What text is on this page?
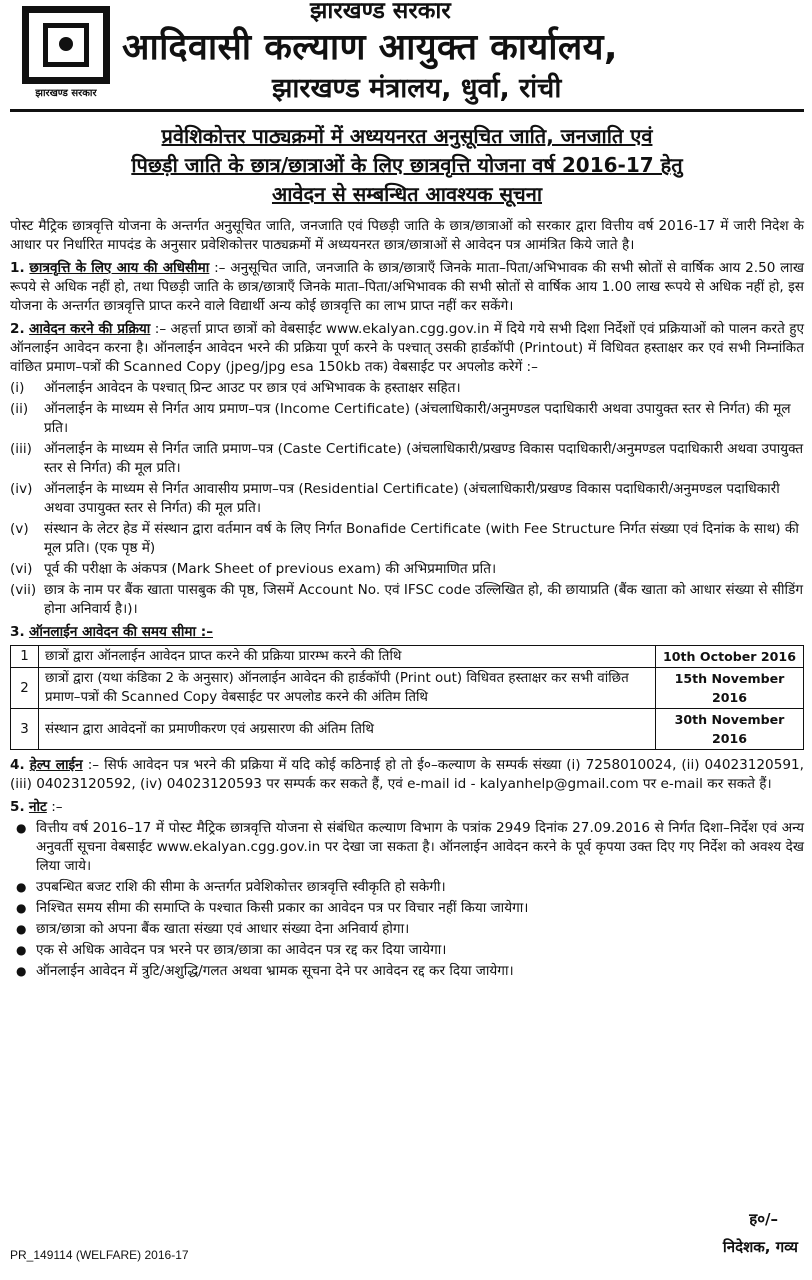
झारखण्ड सरकार
झारखण्ड सरकार
आदिवासी कल्याण आयुक्त कार्यालय,
झारखण्ड मंत्रालय, धुर्वा, रांची
प्रवेशिकोत्तर पाठ्यक्रमों में अध्ययनरत अनुसूचित जाति, जनजाति एवं
पिछड़ी जाति के छात्र/छात्राओं के लिए छात्रवृत्ति योजना वर्ष 2016-17 हेतु
आवेदन से सम्बन्धित आवश्यक सूचना

पोस्ट मैट्रिक छात्रवृत्ति योजना के अन्तर्गत अनुसूचित जाति, जनजाति एवं पिछड़ी जाति के छात्र/छात्राओं को सरकार द्वारा वित्तीय वर्ष 2016-17 में जारी निदेश के आधार पर निर्धारित मापदंड के अनुसार प्रवेशिकोत्तर पाठ्यक्रमों में अध्ययनरत छात्र/छात्राओं से आवेदन पत्र आमंत्रित किये जाते है।

1. छात्रवृत्ति के लिए आय की अधिसीमा :– अनुसूचित जाति, जनजाति के छात्र/छात्राएँ जिनके माता–पिता/अभिभावक की सभी स्रोतों से वार्षिक आय 2.50 लाख रूपये से अधिक नहीं हो, तथा पिछड़ी जाति के छात्र/छात्राएँ जिनके माता–पिता/अभिभावक की सभी स्रोतों से वार्षिक आय 1.00 लाख रूपये से अधिक नहीं हो, इस योजना के अन्तर्गत छात्रवृत्ति प्राप्त करने वाले विद्यार्थी अन्य कोई छात्रवृत्ति का लाभ प्राप्त नहीं कर सकेंगे।
2. आवेदन करने की प्रक्रिया :– अहर्त्ता प्राप्त छात्रों को वेबसाईट www.ekalyan.cgg.gov.in में दिये गये सभी दिशा निर्देशों एवं प्रक्रियाओं को पालन करते हुए ऑनलाईन आवेदन करना है। ऑनलाईन आवेदन भरने की प्रक्रिया पूर्ण करने के पश्चात् उसकी हार्डकॉपी (Printout) में विधिवत हस्ताक्षर कर एवं सभी निम्नांकित वांछित प्रमाण–पत्रों की Scanned Copy (jpeg/jpg esa 150kb तक) वेबसाईट पर अपलोड करेगें :–
(i)	ऑनलाईन आवेदन के पश्चात् प्रिन्ट आउट पर छात्र एवं अभिभावक के हस्ताक्षर सहित।
(ii)	ऑनलाईन के माध्यम से निर्गत आय प्रमाण–पत्र (Income Certificate) (अंचलाधिकारी/अनुमण्डल पदाधिकारी अथवा उपायुक्त स्तर से निर्गत) की मूल प्रति।
(iii) ऑनलाईन के माध्यम से निर्गत जाति प्रमाण–पत्र (Caste Certificate) (अंचलाधिकारी/प्रखण्ड विकास पदाधिकारी/अनुमण्डल पदाधिकारी अथवा उपायुक्त स्तर से निर्गत) की मूल प्रति।
(iv) ऑनलाईन के माध्यम से निर्गत आवासीय प्रमाण–पत्र (Residential Certificate) (अंचलाधिकारी/प्रखण्ड विकास पदाधिकारी/अनुमण्डल पदाधिकारी अथवा उपायुक्त स्तर से निर्गत) की मूल प्रति।
(v)	संस्थान के लेटर हेड में संस्थान द्वारा वर्तमान वर्ष के लिए निर्गत Bonafide Certificate (with Fee Structure निर्गत संख्या एवं दिनांक के साथ) की मूल प्रति। (एक पृष्ठ में)
(vi) पूर्व की परीक्षा के अंकपत्र (Mark Sheet of previous exam) की अभिप्रमाणित प्रति।
(vii) छात्र के नाम पर बैंक खाता पासबुक की पृष्ठ, जिसमें Account No. एवं IFSC code उल्लिखित हो, की छायाप्रति (बैंक खाता को आधार संख्या से सीडिंग होना अनिवार्य है।)।
3. ऑनलाईन आवेदन की समय सीमा :–
1	छात्रों द्वारा ऑनलाईन आवेदन प्राप्त करने की प्रक्रिया प्रारम्भ करने की तिथि	10th October 2016
2	छात्रों द्वारा (यथा कंडिका 2 के अनुसार) ऑनलाईन आवेदन की हार्डकॉपी (Print out) विधिवत हस्ताक्षर कर सभी वांछित प्रमाण–पत्रों की Scanned Copy वेबसाईट पर अपलोड करने की अंतिम तिथि	15th November 2016
3	संस्थान द्वारा आवेदनों का प्रमाणीकरण एवं अग्रसारण की अंतिम तिथि	30th November 2016
4. हेल्प लाईन :– सिर्फ आवेदन पत्र भरने की प्रक्रिया में यदि कोई कठिनाई हो तो ई०–कल्याण के सम्पर्क संख्या (i) 7258010024, (ii) 04023120591, (iii) 04023120592, (iv) 04023120593 पर सम्पर्क कर सकते हैं, एवं e-mail id - kalyanhelp@gmail.com पर e-mail कर सकते हैं।
5. नोट :–
● वित्तीय वर्ष 2016–17 में पोस्ट मैट्रिक छात्रवृत्ति योजना से संबंधित कल्याण विभाग के पत्रांक 2949 दिनांक 27.09.2016 से निर्गत दिशा–निर्देश एवं अन्य अनुवर्ती सूचना वेबसाईट www.ekalyan.cgg.gov.in पर देखा जा सकता है। ऑनलाईन आवेदन करने के पूर्व कृपया उक्त दिए गए निर्देश को अवश्य देख लिया जाये।
● उपबन्धित बजट राशि की सीमा के अन्तर्गत प्रवेशिकोत्तर छात्रवृत्ति स्वीकृति हो सकेगी।
● निश्चित समय सीमा की समाप्ति के पश्चात किसी प्रकार का आवेदन पत्र पर विचार नहीं किया जायेगा।
● छात्र/छात्रा को अपना बैंक खाता संख्या एवं आधार संख्या देना अनिवार्य होगा।
● एक से अधिक आवेदन पत्र भरने पर छात्र/छात्रा का आवेदन पत्र रद्द कर दिया जायेगा।
● ऑनलाईन आवेदन में त्रुटि/अशुद्धि/गलत अथवा भ्रामक सूचना देने पर आवेदन रद्द कर दिया जायेगा।
ह०/–
निदेशक, गव्य
PR_149114 (WELFARE) 2016-17
